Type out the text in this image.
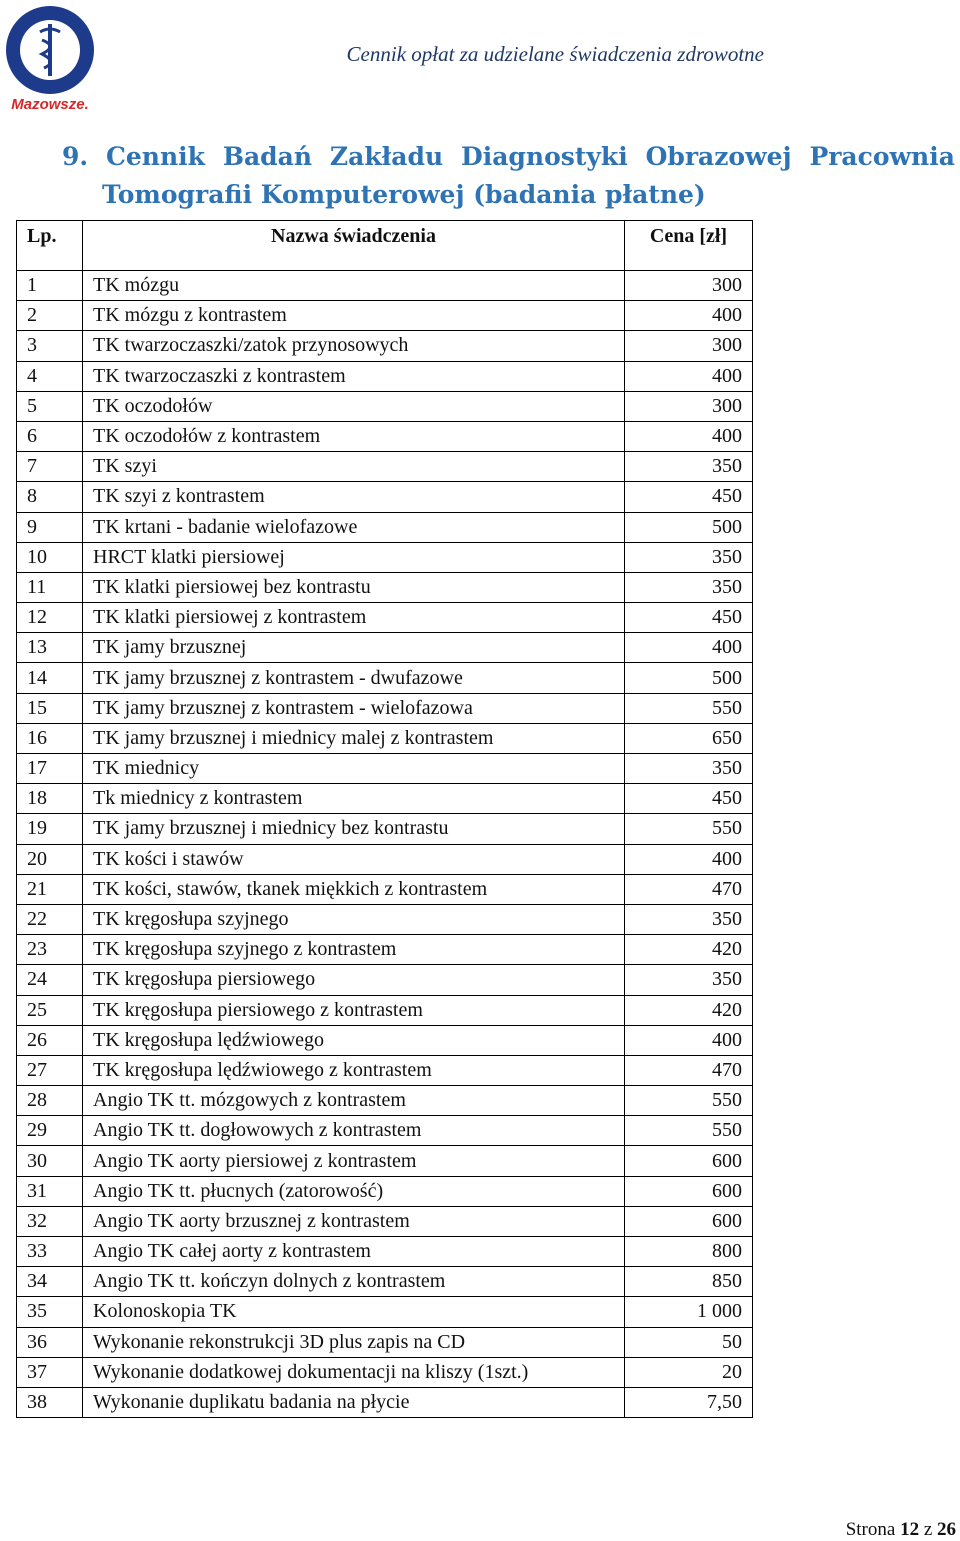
Mazowsze.
Cennik opłat za udzielane świadczenia zdrowotne
9. Cennik Badań Zakładu Diagnostyki Obrazowej Pracownia
Tomografii Komputerowej (badania płatne)
Lp.	Nazwa świadczenia	Cena [zł]
1	TK mózgu	300
2	TK mózgu z kontrastem	400
3	TK twarzoczaszki/zatok przynosowych	300
4	TK twarzoczaszki z kontrastem	400
5	TK oczodołów	300
6	TK oczodołów z kontrastem	400
7	TK szyi	350
8	TK szyi z kontrastem	450
9	TK krtani - badanie wielofazowe	500
10	HRCT klatki piersiowej	350
11	TK klatki piersiowej bez kontrastu	350
12	TK klatki piersiowej z kontrastem	450
13	TK jamy brzusznej	400
14	TK jamy brzusznej z kontrastem - dwufazowe	500
15	TK jamy brzusznej z kontrastem - wielofazowa	550
16	TK jamy brzusznej i miednicy malej z kontrastem	650
17	TK miednicy	350
18	Tk miednicy z kontrastem	450
19	TK jamy brzusznej i miednicy bez kontrastu	550
20	TK kości i stawów	400
21	TK kości, stawów, tkanek miękkich z kontrastem	470
22	TK kręgosłupa szyjnego	350
23	TK kręgosłupa szyjnego z kontrastem	420
24	TK kręgosłupa piersiowego	350
25	TK kręgosłupa piersiowego z kontrastem	420
26	TK kręgosłupa lędźwiowego	400
27	TK kręgosłupa lędźwiowego z kontrastem	470
28	Angio TK tt. mózgowych z kontrastem	550
29	Angio TK tt. dogłowowych z kontrastem	550
30	Angio TK aorty piersiowej z kontrastem	600
31	Angio TK tt. płucnych (zatorowość)	600
32	Angio TK aorty brzusznej z kontrastem	600
33	Angio TK całej aorty z kontrastem	800
34	Angio TK tt. kończyn dolnych z kontrastem	850
35	Kolonoskopia TK	1 000
36	Wykonanie rekonstrukcji 3D plus zapis na CD	50
37	Wykonanie dodatkowej dokumentacji na kliszy (1szt.)	20
38	Wykonanie duplikatu badania na płycie	7,50
Strona 12 z 26
